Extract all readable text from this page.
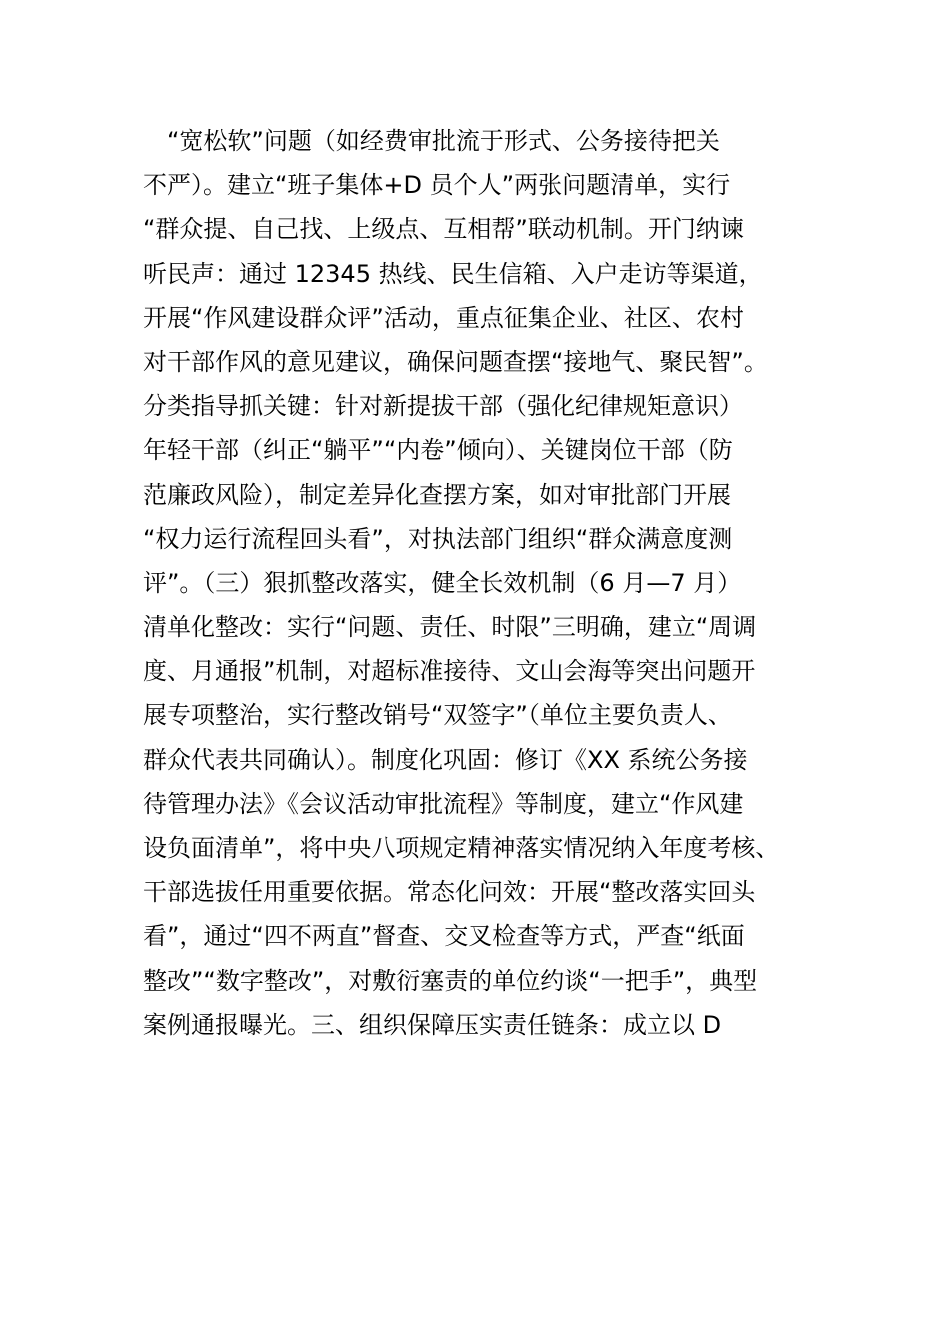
　“宽松软”问题（如经费审批流于形式、公务接待把关
不严）。建立“班子集体+D 员个人”两张问题清单，实行
“群众提、自己找、上级点、互相帮”联动机制。开门纳谏
听民声：通过 12345 热线、民生信箱、入户走访等渠道，
开展“作风建设群众评”活动，重点征集企业、社区、农村
对干部作风的意见建议，确保问题查摆“接地气、聚民智”。
分类指导抓关键：针对新提拔干部（强化纪律规矩意识）
年轻干部（纠正“躺平”“内卷”倾向）、关键岗位干部（防
范廉政风险），制定差异化查摆方案，如对审批部门开展
“权力运行流程回头看”，对执法部门组织“群众满意度测
评”。（三）狠抓整改落实，健全长效机制（6 月—7 月）
清单化整改：实行“问题、责任、时限”三明确，建立“周调
度、月通报”机制，对超标准接待、文山会海等突出问题开
展专项整治，实行整改销号“双签字”（单位主要负责人、
群众代表共同确认）。制度化巩固：修订《XX 系统公务接
待管理办法》《会议活动审批流程》等制度，建立“作风建
设负面清单”，将中央八项规定精神落实情况纳入年度考核、
干部选拔任用重要依据。常态化问效：开展“整改落实回头
看”，通过“四不两直”督查、交叉检查等方式，严查“纸面
整改”“数字整改”，对敷衍塞责的单位约谈“一把手”，典型
案例通报曝光。三、组织保障压实责任链条：成立以 D
